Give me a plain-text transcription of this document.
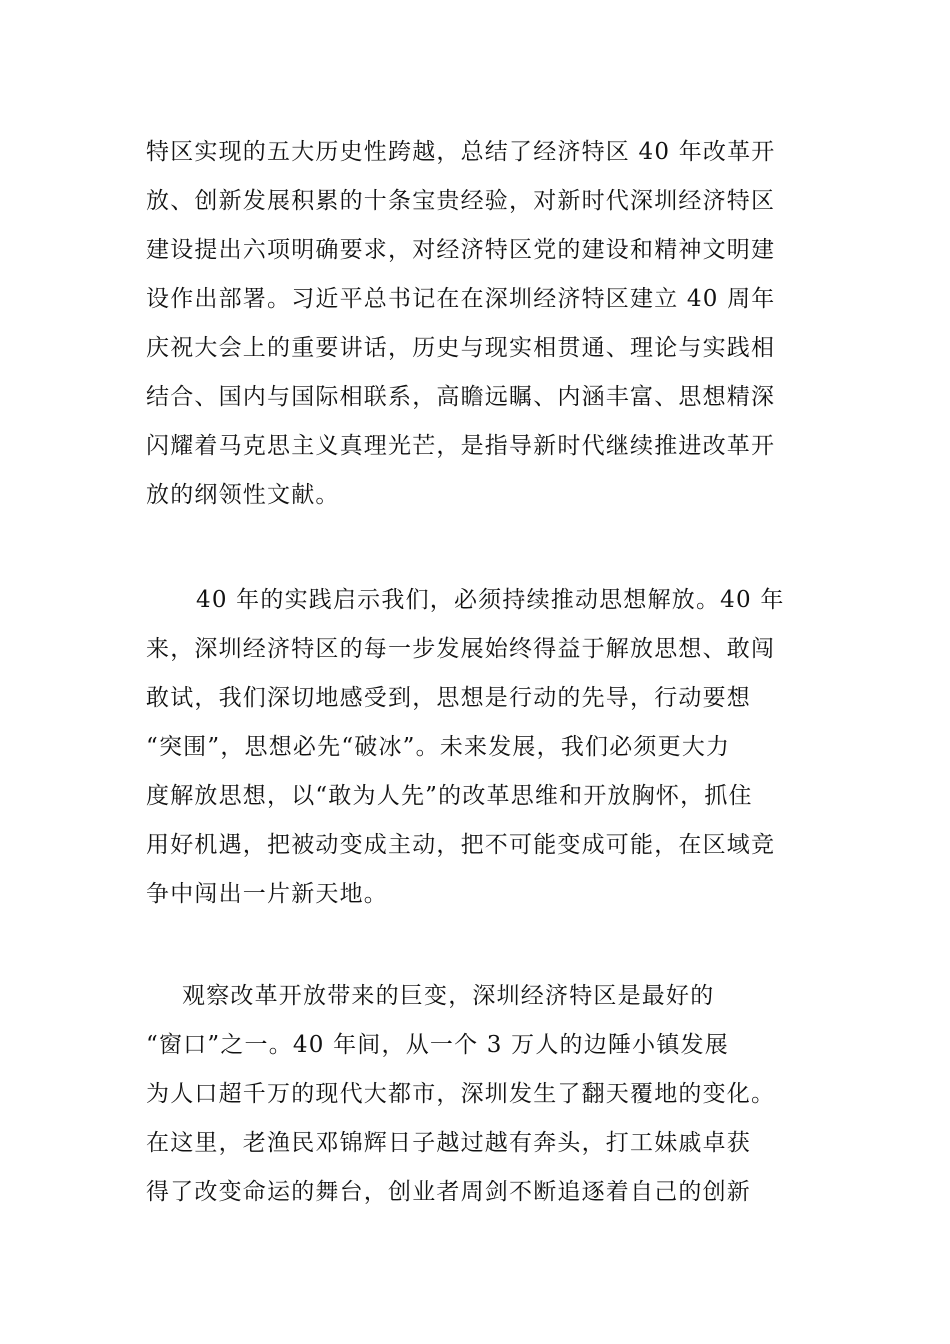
特区实现的五大历史性跨越，总结了经济特区 40 年改革开
放、创新发展积累的十条宝贵经验，对新时代深圳经济特区
建设提出六项明确要求，对经济特区党的建设和精神文明建
设作出部署。习近平总书记在在深圳经济特区建立 40 周年
庆祝大会上的重要讲话，历史与现实相贯通、理论与实践相
结合、国内与国际相联系，高瞻远瞩、内涵丰富、思想精深
闪耀着马克思主义真理光芒，是指导新时代继续推进改革开
放的纲领性文献。
40 年的实践启示我们，必须持续推动思想解放。40 年
来，深圳经济特区的每一步发展始终得益于解放思想、敢闯
敢试，我们深切地感受到，思想是行动的先导，行动要想
“突围”，思想必先“破冰”。未来发展，我们必须更大力
度解放思想，以“敢为人先”的改革思维和开放胸怀，抓住
用好机遇，把被动变成主动，把不可能变成可能，在区域竞
争中闯出一片新天地。
观察改革开放带来的巨变，深圳经济特区是最好的
“窗口”之一。40 年间，从一个 3 万人的边陲小镇发展
为人口超千万的现代大都市，深圳发生了翻天覆地的变化。
在这里，老渔民邓锦辉日子越过越有奔头，打工妹戚卓获
得了改变命运的舞台，创业者周剑不断追逐着自己的创新
